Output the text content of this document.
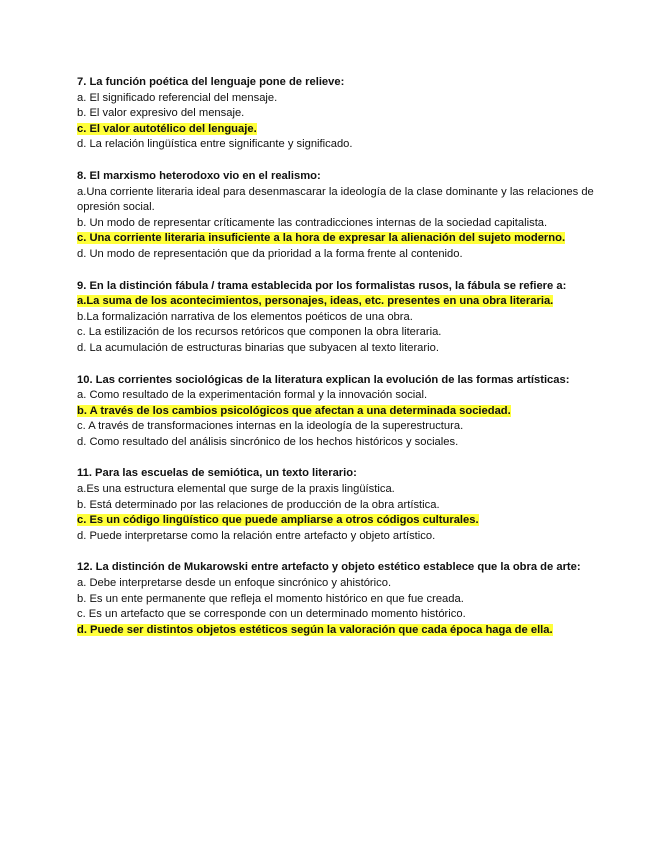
7. La función poética del lenguaje pone de relieve:

a. El significado referencial del mensaje.

b. El valor expresivo del mensaje.

c. El valor autotélico del lenguaje.

d. La relación lingüística entre significante y significado.

8. El marxismo heterodoxo vio en el realismo:

a.Una corriente literaria ideal para desenmascarar la ideología de la clase dominante y las relaciones de opresión social.

b. Un modo de representar críticamente las contradicciones internas de la sociedad capitalista.

c. Una corriente literaria insuficiente a la hora de expresar la alienación del sujeto moderno.

d. Un modo de representación que da prioridad a la forma frente al contenido.

9. En la distinción fábula / trama establecida por los formalistas rusos, la fábula se refiere a:

a.La suma de los acontecimientos, personajes, ideas, etc. presentes en una obra literaria.

b.La formalización narrativa de los elementos poéticos de una obra.

c. La estilización de los recursos retóricos que componen la obra literaria.

d. La acumulación de estructuras binarias que subyacen al texto literario.

10. Las corrientes sociológicas de la literatura explican la evolución de las formas artísticas:

a. Como resultado de la experimentación formal y la innovación social.

b. A través de los cambios psicológicos que afectan a una determinada sociedad.

c. A través de transformaciones internas en la ideología de la superestructura.

d. Como resultado del análisis sincrónico de los hechos históricos y sociales.

11. Para las escuelas de semiótica, un texto literario:

a.Es una estructura elemental que surge de la praxis lingüística.

b. Está determinado por las relaciones de producción de la obra artística.

c. Es un código lingüístico que puede ampliarse a otros códigos culturales.

d. Puede interpretarse como la relación entre artefacto y objeto artístico.

12. La distinción de Mukarowski entre artefacto y objeto estético establece que la obra de arte:

a. Debe interpretarse desde un enfoque sincrónico y ahistórico.

b. Es un ente permanente que refleja el momento histórico en que fue creada.

c. Es un artefacto que se corresponde con un determinado momento histórico.

d. Puede ser distintos objetos estéticos según la valoración que cada época haga de ella.
